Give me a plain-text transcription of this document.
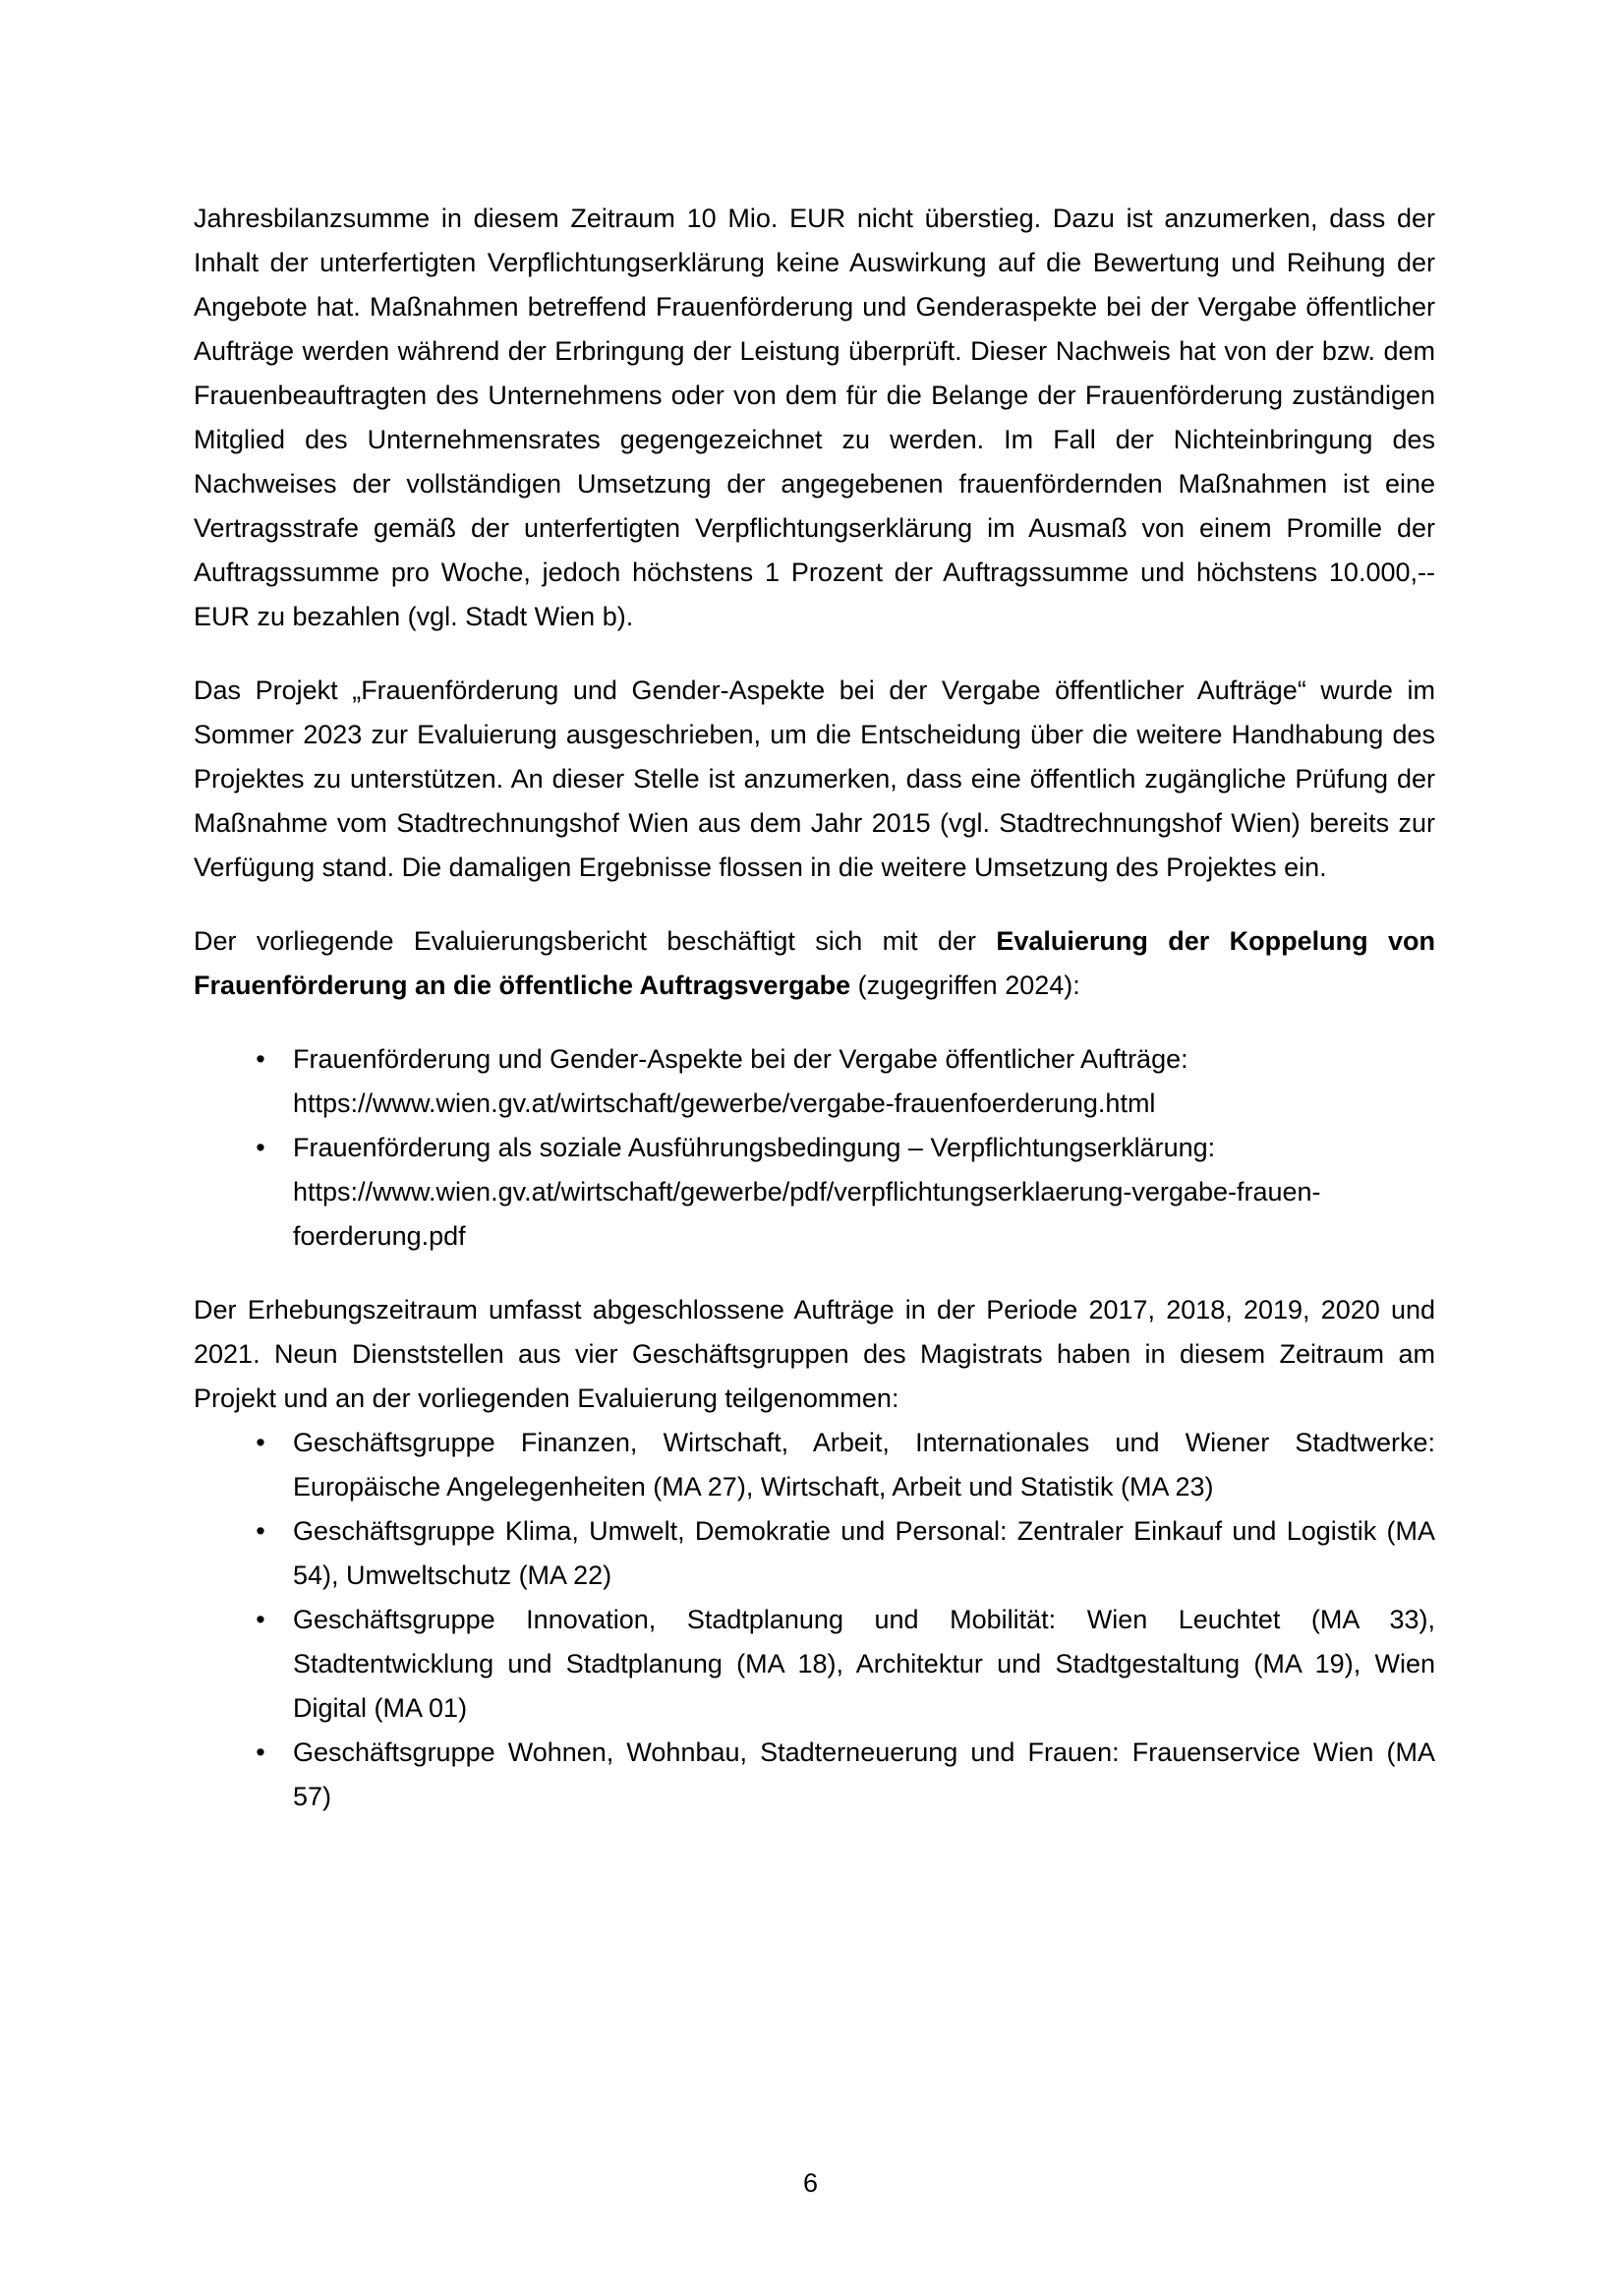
Jahresbilanzsumme in diesem Zeitraum 10 Mio. EUR nicht überstieg. Dazu ist anzumerken, dass der Inhalt der unterfertigten Verpflichtungserklärung keine Auswirkung auf die Bewertung und Reihung der Angebote hat. Maßnahmen betreffend Frauenförderung und Genderaspekte bei der Vergabe öffentlicher Aufträge werden während der Erbringung der Leistung überprüft. Dieser Nachweis hat von der bzw. dem Frauenbeauftragten des Unternehmens oder von dem für die Belange der Frauenförderung zuständigen Mitglied des Unternehmensrates gegengezeichnet zu werden. Im Fall der Nichteinbringung des Nachweises der vollständigen Umsetzung der angegebenen frauenfördernden Maßnahmen ist eine Vertragsstrafe gemäß der unterfertigten Verpflichtungserklärung im Ausmaß von einem Promille der Auftragssumme pro Woche, jedoch höchstens 1 Prozent der Auftragssumme und höchstens 10.000,-- EUR zu bezahlen (vgl. Stadt Wien b).

Das Projekt „Frauenförderung und Gender-Aspekte bei der Vergabe öffentlicher Aufträge“ wurde im Sommer 2023 zur Evaluierung ausgeschrieben, um die Entscheidung über die weitere Handhabung des Projektes zu unterstützen. An dieser Stelle ist anzumerken, dass eine öffentlich zugängliche Prüfung der Maßnahme vom Stadtrechnungshof Wien aus dem Jahr 2015 (vgl. Stadtrechnungshof Wien) bereits zur Verfügung stand. Die damaligen Ergebnisse flossen in die weitere Umsetzung des Projektes ein.

Der vorliegende Evaluierungsbericht beschäftigt sich mit der Evaluierung der Koppelung von Frauenförderung an die öffentliche Auftragsvergabe (zugegriffen 2024):

• Frauenförderung und Gender-Aspekte bei der Vergabe öffentlicher Aufträge:
https://www.wien.gv.at/wirtschaft/gewerbe/vergabe-frauenfoerderung.html
• Frauenförderung als soziale Ausführungsbedingung – Verpflichtungserklärung:
https://www.wien.gv.at/wirtschaft/gewerbe/pdf/verpflichtungserklaerung-vergabe-frauen-
foerderung.pdf

Der Erhebungszeitraum umfasst abgeschlossene Aufträge in der Periode 2017, 2018, 2019, 2020 und 2021. Neun Dienststellen aus vier Geschäftsgruppen des Magistrats haben in diesem Zeitraum am Projekt und an der vorliegenden Evaluierung teilgenommen:

• Geschäftsgruppe Finanzen, Wirtschaft, Arbeit, Internationales und Wiener Stadtwerke: Europäische Angelegenheiten (MA 27), Wirtschaft, Arbeit und Statistik (MA 23)
• Geschäftsgruppe Klima, Umwelt, Demokratie und Personal: Zentraler Einkauf und Logistik (MA 54), Umweltschutz (MA 22)
• Geschäftsgruppe Innovation, Stadtplanung und Mobilität: Wien Leuchtet (MA 33), Stadtentwicklung und Stadtplanung (MA 18), Architektur und Stadtgestaltung (MA 19), Wien Digital (MA 01)
• Geschäftsgruppe Wohnen, Wohnbau, Stadterneuerung und Frauen: Frauenservice Wien (MA 57)
6
